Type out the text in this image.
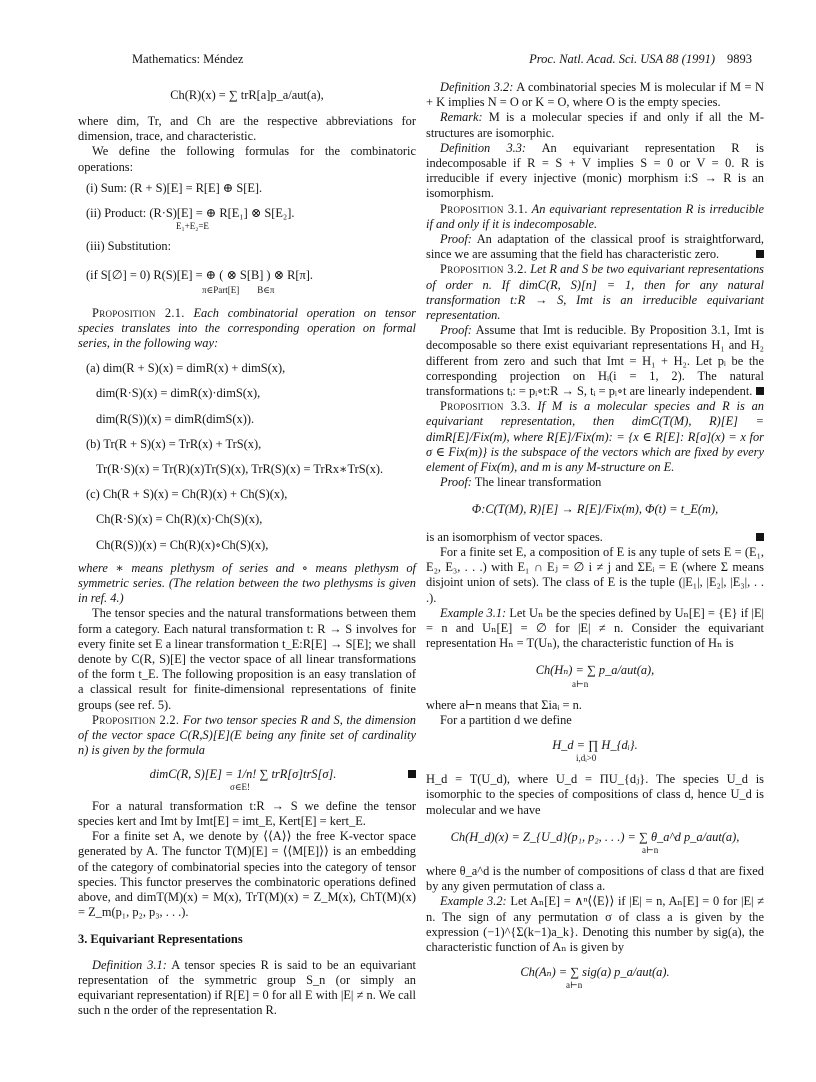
Mathematics: Méndez	Proc. Natl. Acad. Sci. USA 88 (1991) 9893
Ch(R)(x) = ∑ trR[a]p_a/aut(a),

where dim, Tr, and Ch are the respective abbreviations for dimension, trace, and characteristic.

We define the following formulas for the combinatoric operations:

(i) Sum: (R + S)[E] = R[E] ⊕ S[E].

(ii) Product: (R·S)[E] = ⊕ R[E₁] ⊗ S[E₂].

E₁+E₂=E

(iii) Substitution:

(if S[∅] = 0) R(S)[E] = ⊕ ( ⊗ S[B] ) ⊗ R[π].

π∈Part[E]        B∈π

Proposition 2.1. Each combinatorial operation on tensor species translates into the corresponding operation on formal series, in the following way:

(a) dim(R + S)(x) = dimR(x) + dimS(x),

dim(R·S)(x) = dimR(x)·dimS(x),

dim(R(S))(x) = dimR(dimS(x)).

(b) Tr(R + S)(x) = TrR(x) + TrS(x),

Tr(R·S)(x) = Tr(R)(x)Tr(S)(x), TrR(S)(x) = TrRx∗TrS(x).

(c) Ch(R + S)(x) = Ch(R)(x) + Ch(S)(x),

Ch(R·S)(x) = Ch(R)(x)·Ch(S)(x),

Ch(R(S))(x) = Ch(R)(x)∘Ch(S)(x),

where ∗ means plethysm of series and ∘ means plethysm of symmetric series. (The relation between the two plethysms is given in ref. 4.)

The tensor species and the natural transformations between them form a category. Each natural transformation t: R → S involves for every finite set E a linear transformation t_E:R[E] → S[E]; we shall denote by C(R, S)[E] the vector space of all linear transformations of the form t_E. The following proposition is an easy translation of a classical result for finite-dimensional representations of finite groups (see ref. 5).

Proposition 2.2. For two tensor species R and S, the dimension of the vector space C(R,S)[E](E being any finite set of cardinality n) is given by the formula

dimC(R, S)[E] = 1/n! ∑ trR[σ]trS[σ].

σ∈E!

For a natural transformation t:R → S we define the tensor species kert and Imt by Imt[E] = imt_E, Kert[E] = kert_E.

For a finite set A, we denote by ⟨⟨A⟩⟩ the free K-vector space generated by A. The functor T(M)[E] = ⟨⟨M[E]⟩⟩ is an embedding of the category of combinatorial species into the category of tensor species. This functor preserves the combinatoric operations defined above, and dimT(M)(x) = M(x), TrT(M)(x) = Z_M(x), ChT(M)(x) = Z_m(p₁, p₂, p₃, . . .).

3. Equivariant Representations

Definition 3.1: A tensor species R is said to be an equivariant representation of the symmetric group S_n (or simply an equivariant representation) if R[E] = 0 for all E with |E| ≠ n. We call such n the order of the representation R.

Definition 3.2: A combinatorial species M is molecular if M = N + K implies N = O or K = O, where O is the empty species.

Remark: M is a molecular species if and only if all the M-structures are isomorphic.

Definition 3.3: An equivariant representation R is indecomposable if R = S + V implies S = 0 or V = 0. R is irreducible if every injective (monic) morphism i:S → R is an isomorphism.

Proposition 3.1. An equivariant representation R is irreducible if and only if it is indecomposable.

Proof: An adaptation of the classical proof is straightforward, since we are assuming that the field has characteristic zero.

Proposition 3.2. Let R and S be two equivariant representations of order n. If dimC(R, S)[n] = 1, then for any natural transformation t:R → S, Imt is an irreducible equivariant representation.

Proof: Assume that Imt is reducible. By Proposition 3.1, Imt is decomposable so there exist equivariant representations H₁ and H₂ different from zero and such that Imt = H₁ + H₂. Let pᵢ be the corresponding projection on Hᵢ(i = 1, 2). The natural transformations tᵢ: = pᵢ∘t:R → S, tᵢ = pᵢ∘t are linearly independent.

Proposition 3.3. If M is a molecular species and R is an equivariant representation, then dimC(T(M), R)[E] = dimR[E]/Fix(m), where R[E]/Fix(m): = {x ∈ R[E]: R[σ](x) = x for σ ∈ Fix(m)} is the subspace of the vectors which are fixed by every element of Fix(m), and m is any M-structure on E.

Proof: The linear transformation

Φ:C(T(M), R)[E] → R[E]/Fix(m), Φ(t) = t_E(m),

is an isomorphism of vector spaces.

For a finite set E, a composition of E is any tuple of sets E = (E₁, E₂, E₃, . . .) with E₁ ∩ Eⱼ = ∅ i ≠ j and ΣEᵢ = E (where Σ means disjoint union of sets). The class of E is the tuple (|E₁|, |E₂|, |E₃|, . . .).

Example 3.1: Let Uₙ be the species defined by Uₙ[E] = {E} if |E| = n and Uₙ[E] = ∅ for |E| ≠ n. Consider the equivariant representation Hₙ = T(Uₙ), the characteristic function of Hₙ is

Ch(Hₙ) = ∑ p_a/aut(a),
a⊢n

where a⊢n means that Σiaᵢ = n.

For a partition d we define

H_d = ∏ H_{dᵢ}.
i,dᵢ>0

H_d = T(U_d), where U_d = ΠU_{dⱼ}. The species U_d is isomorphic to the species of compositions of class d, hence U_d is molecular and we have

Ch(H_d)(x) = Z_{U_d}(p₁, p₂, . . .) = ∑ θ_a^d p_a/aut(a),
a⊢n

where θ_a^d is the number of compositions of class d that are fixed by any given permutation of class a.

Example 3.2: Let Aₙ[E] = ∧ⁿ⟨⟨E⟩⟩ if |E| = n, Aₙ[E] = 0 for |E| ≠ n. The sign of any permutation σ of class a is given by the expression (−1)^{Σ(k−1)a_k}. Denoting this number by sig(a), the characteristic function of Aₙ is given by

Ch(Aₙ) = ∑ sig(a) p_a/aut(a).
a⊢n
